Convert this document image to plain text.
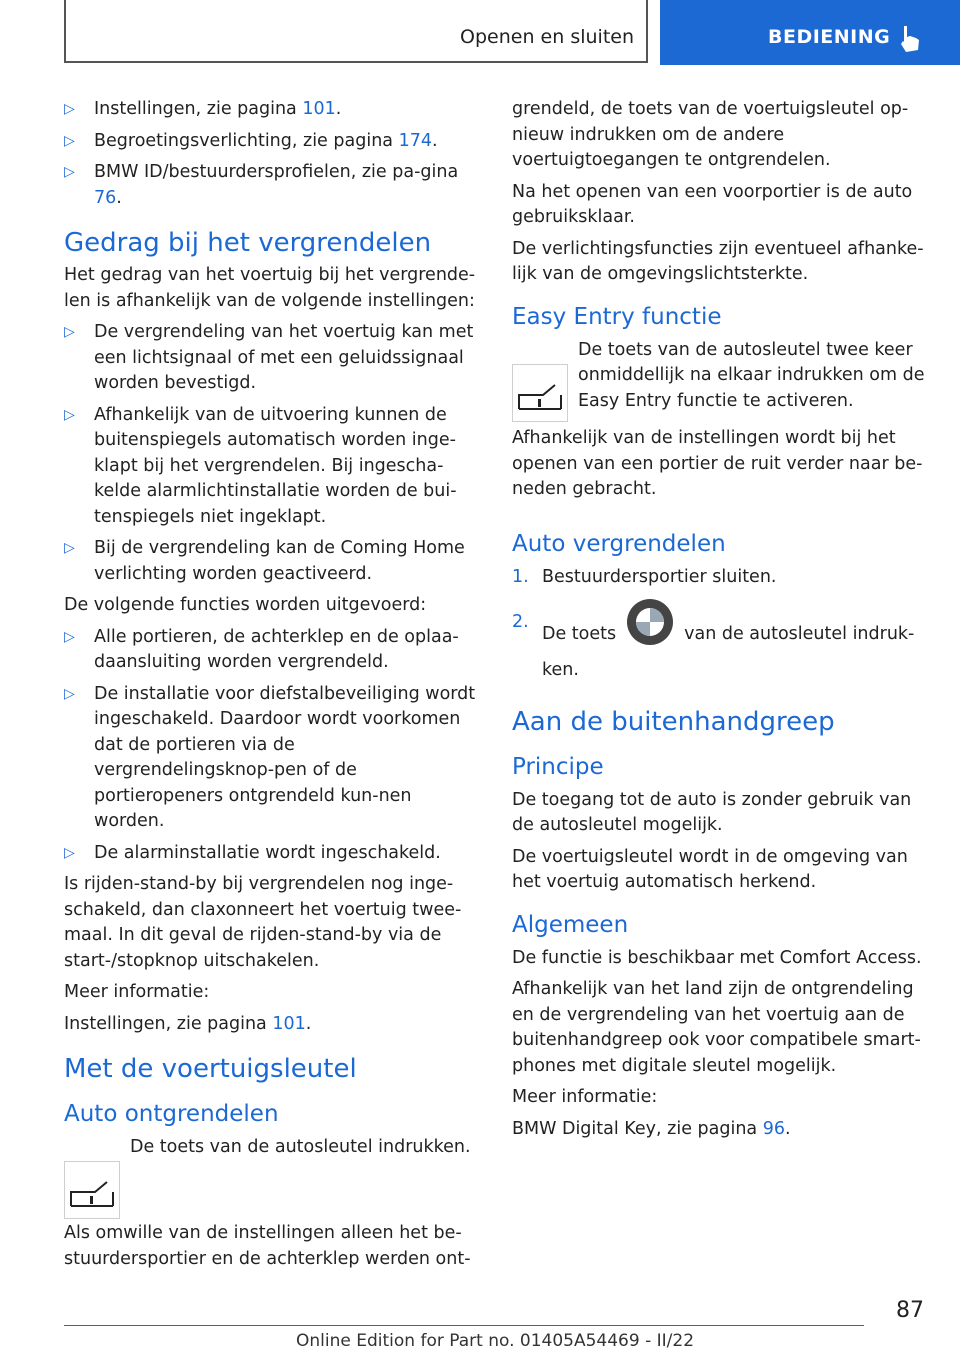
Openen en sluiten	BEDIENING
▷ Instellingen, zie pagina 101.
▷ Begroetingsverlichting, zie pagina 174.
▷ BMW ID/bestuurdersprofielen, zie pa-gina 76.
Gedrag bij het vergrendelen

Het gedrag van het voertuig bij het vergrende-len is afhankelijk van de volgende instellingen:

▷ De vergrendeling van het voertuig kan met een lichtsignaal of met een geluidssignaal worden bevestigd.
▷ Afhankelijk van de uitvoering kunnen de buitenspiegels automatisch worden inge-klapt bij het vergrendelen. Bij ingescha-kelde alarmlichtinstallatie worden de bui-tenspiegels niet ingeklapt.
▷ Bij de vergrendeling kan de Coming Home verlichting worden geactiveerd.

De volgende functies worden uitgevoerd:

▷ Alle portieren, de achterklep en de oplaa-daansluiting worden vergrendeld.
▷ De installatie voor diefstalbeveiliging wordt ingeschakeld. Daardoor wordt voorkomen dat de portieren via de vergrendelingsknop-pen of de portieropeners ontgrendeld kun-nen worden.
▷ De alarminstallatie wordt ingeschakeld.

Is rijden-stand-by bij vergrendelen nog inge-schakeld, dan claxonneert het voertuig twee-maal. In dit geval de rijden-stand-by via de start-/stopknop uitschakelen.

Meer informatie:

Instellingen, zie pagina 101.

Met de voertuigsleutel
Auto ontgrendelen
De toets van de autosleutel indrukken.

Als omwille van de instellingen alleen het be-stuurdersportier en de achterklep werden ont-

grendeld, de toets van de voertuigsleutel op-nieuw indrukken om de andere voertuigtoegangen te ontgrendelen.

Na het openen van een voorportier is de auto gebruiksklaar.

De verlichtingsfuncties zijn eventueel afhanke-lijk van de omgevingslichtsterkte.

Easy Entry functie
De toets van de autosleutel twee keer onmiddellijk na elkaar indrukken om de Easy Entry functie te activeren.

Afhankelijk van de instellingen wordt bij het openen van een portier de ruit verder naar be-neden gebracht.

Auto vergrendelen
1. Bestuurdersportier sluiten.
2.
De toets	van de autosleutel indruk-ken.
Aan de buitenhandgreep
Principe

De toegang tot de auto is zonder gebruik van de autosleutel mogelijk.

De voertuigsleutel wordt in de omgeving van het voertuig automatisch herkend.

Algemeen

De functie is beschikbaar met Comfort Access.

Afhankelijk van het land zijn de ontgrendeling en de vergrendeling van het voertuig aan de buitenhandgreep ook voor compatibele smart-phones met digitale sleutel mogelijk.

Meer informatie:

BMW Digital Key, zie pagina 96.

87
Online Edition for Part no. 01405A54469 - II/22
